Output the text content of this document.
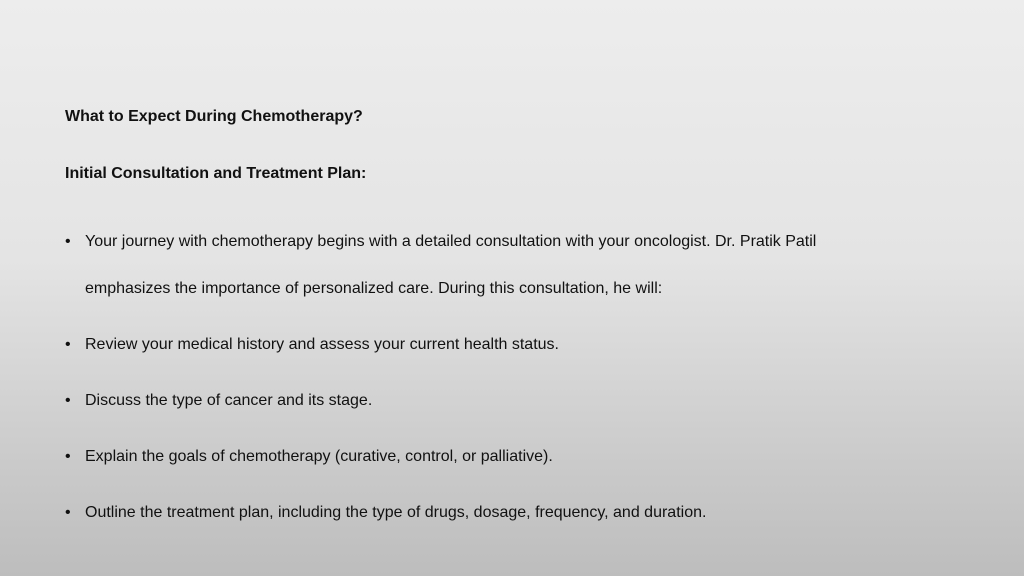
What to Expect During Chemotherapy?
Initial Consultation and Treatment Plan:
• Your journey with chemotherapy begins with a detailed consultation with your oncologist. Dr. Pratik Patil
emphasizes the importance of personalized care. During this consultation, he will:
• Review your medical history and assess your current health status.
• Discuss the type of cancer and its stage.
• Explain the goals of chemotherapy (curative, control, or palliative).
• Outline the treatment plan, including the type of drugs, dosage, frequency, and duration.
